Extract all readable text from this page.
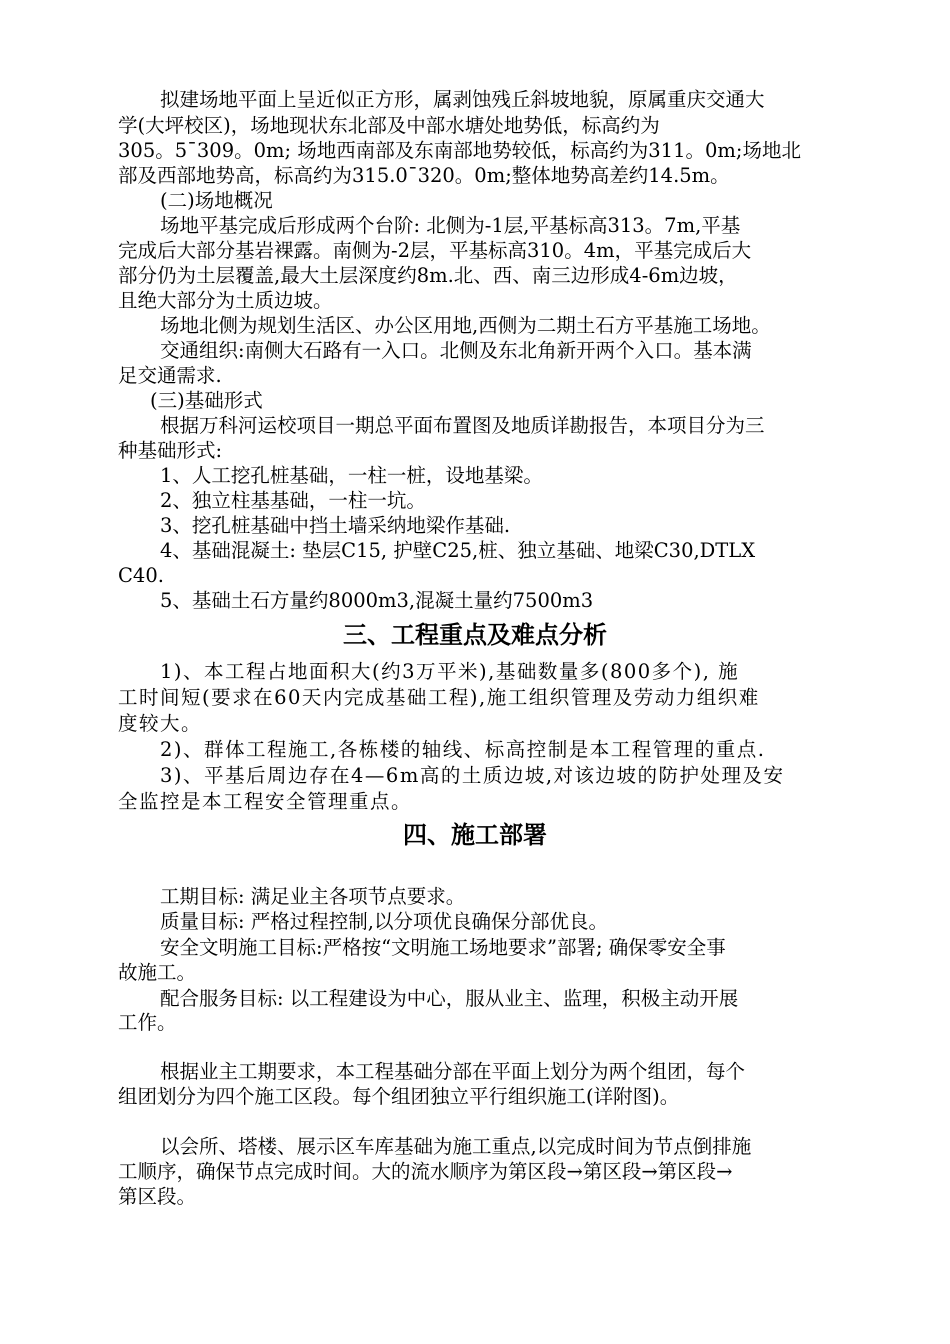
拟建场地平面上呈近似正方形，属剥蚀残丘斜坡地貌，原属重庆交通大
学(大坪校区)，场地现状东北部及中部水塘处地势低，标高约为
305。5¯309。0m; 场地西南部及东南部地势较低，标高约为311。0m;场地北
部及西部地势高，标高约为315.0¯320。0m;整体地势高差约14.5m。
(二)场地概况
场地平基完成后形成两个台阶: 北侧为-1层,平基标高313。7m,平基
完成后大部分基岩裸露。南侧为-2层，平基标高310。4m，平基完成后大
部分仍为土层覆盖,最大土层深度约8m.北、西、南三边形成4-6m边坡，
且绝大部分为土质边坡。
场地北侧为规划生活区、办公区用地,西侧为二期土石方平基施工场地。
交通组织:南侧大石路有一入口。北侧及东北角新开两个入口。基本满
足交通需求.
(三)基础形式
根据万科河运校项目一期总平面布置图及地质详勘报告，本项目分为三
种基础形式:
1、人工挖孔桩基础，一柱一桩，设地基梁。
2、独立柱基基础，一柱一坑。
3、挖孔桩基础中挡土墙采纳地梁作基础.
4、基础混凝土: 垫层C15, 护壁C25,桩、独立基础、地梁C30,DTLX
C40.
5、基础土石方量约8000m3,混凝土量约7500m3
三、工程重点及难点分析
1)、本工程占地面积大(约3万平米),基础数量多(800多个), 施
工时间短(要求在60天内完成基础工程),施工组织管理及劳动力组织难
度较大。
2)、群体工程施工,各栋楼的轴线、标高控制是本工程管理的重点.
3)、平基后周边存在4—6m高的土质边坡,对该边坡的防护处理及安
全监控是本工程安全管理重点。
四、施工部署
工期目标: 满足业主各项节点要求。
质量目标: 严格过程控制,以分项优良确保分部优良。
安全文明施工目标:严格按“文明施工场地要求”部署; 确保零安全事
故施工。
配合服务目标: 以工程建设为中心，服从业主、监理，积极主动开展
工作。
根据业主工期要求，本工程基础分部在平面上划分为两个组团，每个
组团划分为四个施工区段。每个组团独立平行组织施工(详附图)。
以会所、塔楼、展示区车库基础为施工重点,以完成时间为节点倒排施
工顺序，确保节点完成时间。大的流水顺序为第区段→第区段→第区段→
第区段。
